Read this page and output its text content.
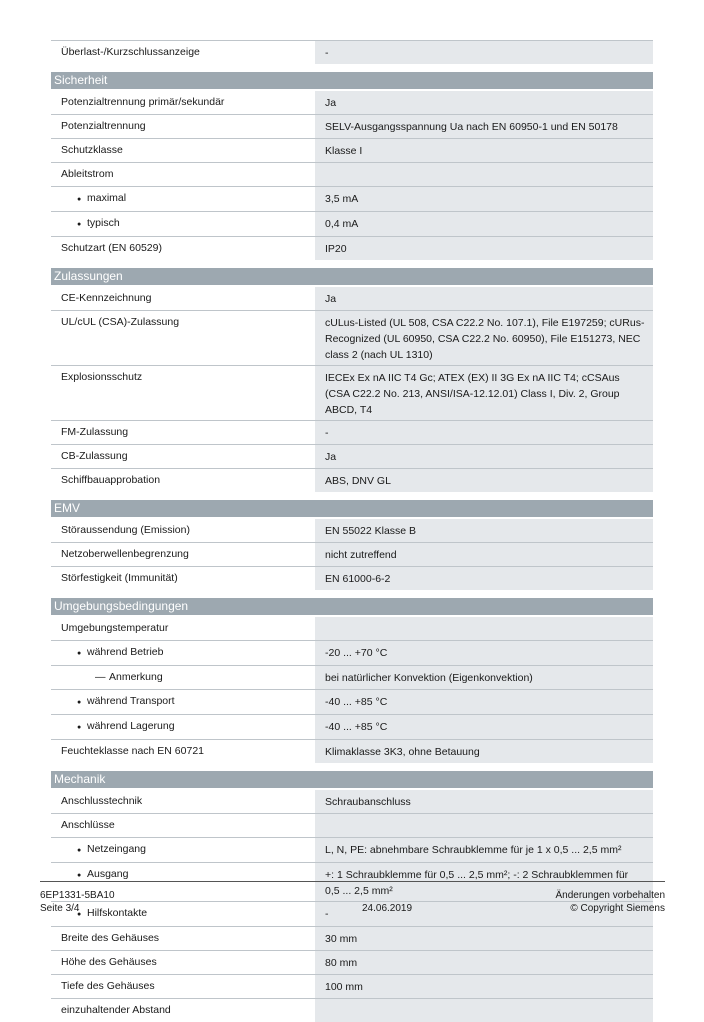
Überlast-/Kurzschlussanzeige	-
Sicherheit
Potenzialtrennung primär/sekundär	Ja
Potenzialtrennung	SELV-Ausgangsspannung Ua nach EN 60950-1 und EN 50178
Schutzklasse	Klasse I
Ableitstrom
● maximal	3,5 mA
● typisch	0,4 mA
Schutzart (EN 60529)	IP20
Zulassungen
CE-Kennzeichnung	Ja
UL/cUL (CSA)-Zulassung	cULus-Listed (UL 508, CSA C22.2 No. 107.1), File E197259; cURus-Recognized (UL 60950, CSA C22.2 No. 60950), File E151273, NEC class 2 (nach UL 1310)
Explosionsschutz	IECEx Ex nA IIC T4 Gc; ATEX (EX) II 3G Ex nA IIC T4; cCSAus (CSA C22.2 No. 213, ANSI/ISA-12.12.01) Class I, Div. 2, Group ABCD, T4
FM-Zulassung	-
CB-Zulassung	Ja
Schiffbauapprobation	ABS, DNV GL
EMV
Störaussendung (Emission)	EN 55022 Klasse B
Netzoberwellenbegrenzung	nicht zutreffend
Störfestigkeit (Immunität)	EN 61000-6-2
Umgebungsbedingungen
Umgebungstemperatur
● während Betrieb	-20 ... +70 °C
— Anmerkung	bei natürlicher Konvektion (Eigenkonvektion)
● während Transport	-40 ... +85 °C
● während Lagerung	-40 ... +85 °C
Feuchteklasse nach EN 60721	Klimaklasse 3K3, ohne Betauung
Mechanik
Anschlusstechnik	Schraubanschluss
Anschlüsse
● Netzeingang	L, N, PE: abnehmbare Schraubklemme für je 1 x 0,5 ... 2,5 mm²
● Ausgang	+: 1 Schraubklemme für 0,5 ... 2,5 mm²; -: 2 Schraubklemmen für 0,5 ... 2,5 mm²
● Hilfskontakte	-
Breite des Gehäuses	30 mm
Höhe des Gehäuses	80 mm
Tiefe des Gehäuses	100 mm
einzuhaltender Abstand
6EP1331-5BA10
Seite 3/4	24.06.2019
Änderungen vorbehalten
© Copyright Siemens
